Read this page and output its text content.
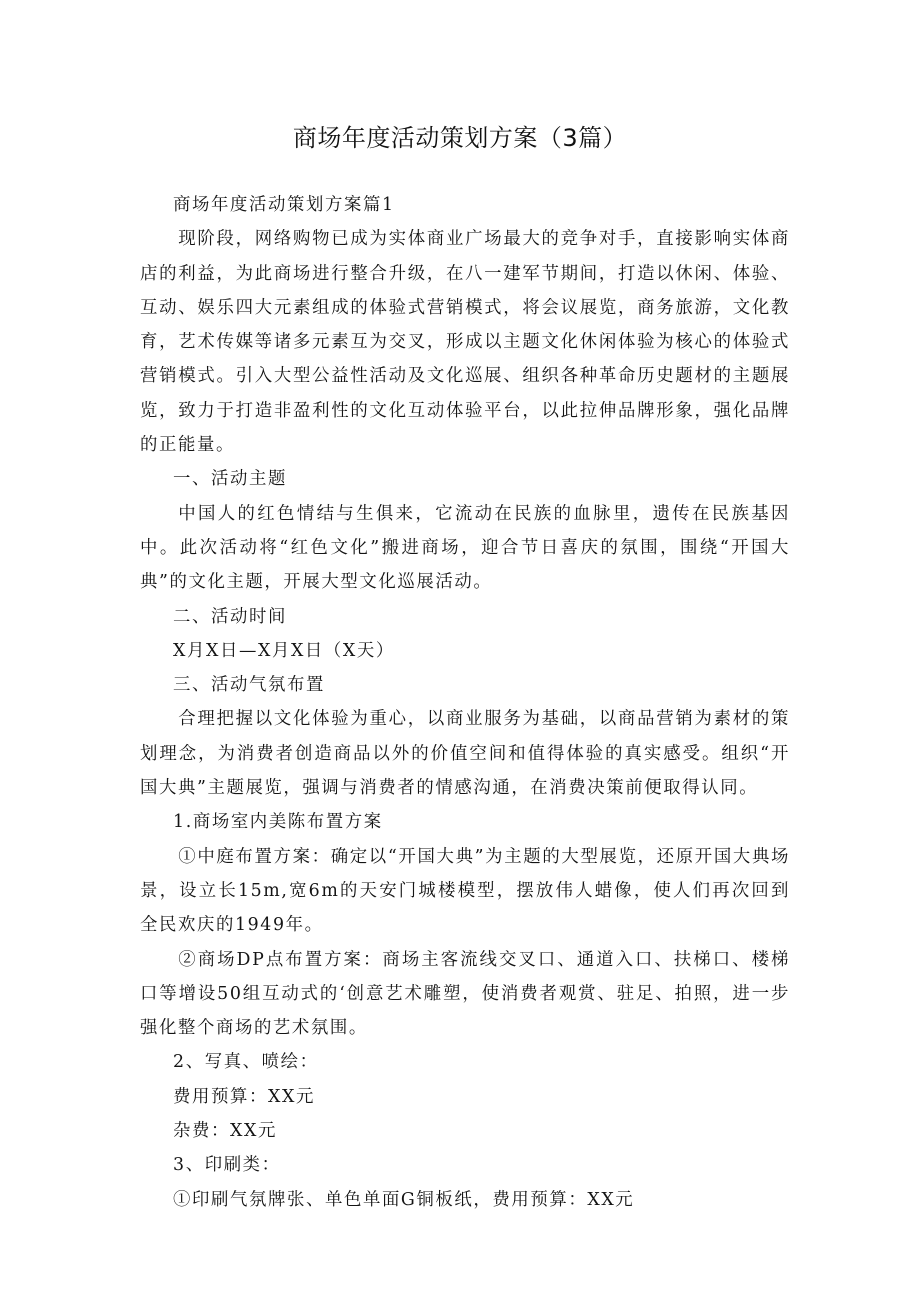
商场年度活动策划方案（3篇）

商场年度活动策划方案篇1

现阶段，网络购物已成为实体商业广场最大的竞争对手，直接影响实体商店的利益，为此商场进行整合升级，在八一建军节期间，打造以休闲、体验、互动、娱乐四大元素组成的体验式营销模式，将会议展览，商务旅游，文化教育，艺术传媒等诸多元素互为交叉，形成以主题文化休闲体验为核心的体验式营销模式。引入大型公益性活动及文化巡展、组织各种革命历史题材的主题展览，致力于打造非盈利性的文化互动体验平台，以此拉伸品牌形象，强化品牌的正能量。

一、活动主题

中国人的红色情结与生俱来，它流动在民族的血脉里，遗传在民族基因中。此次活动将“红色文化”搬进商场，迎合节日喜庆的氛围，围绕“开国大典”的文化主题，开展大型文化巡展活动。

二、活动时间

X月X日—X月X日（X天）

三、活动气氛布置

合理把握以文化体验为重心，以商业服务为基础，以商品营销为素材的策划理念，为消费者创造商品以外的价值空间和值得体验的真实感受。组织“开国大典”主题展览，强调与消费者的情感沟通，在消费决策前便取得认同。

1.商场室内美陈布置方案

①中庭布置方案：确定以“开国大典”为主题的大型展览，还原开国大典场景，设立长15m,宽6m的天安门城楼模型，摆放伟人蜡像，使人们再次回到全民欢庆的1949年。

②商场DP点布置方案：商场主客流线交叉口、通道入口、扶梯口、楼梯口等增设50组互动式的‘创意艺术雕塑，使消费者观赏、驻足、拍照，进一步强化整个商场的艺术氛围。

2、写真、喷绘：

费用预算：XX元

杂费：XX元

3、印刷类：

①印刷气氛牌张、单色单面G铜板纸，费用预算：XX元
